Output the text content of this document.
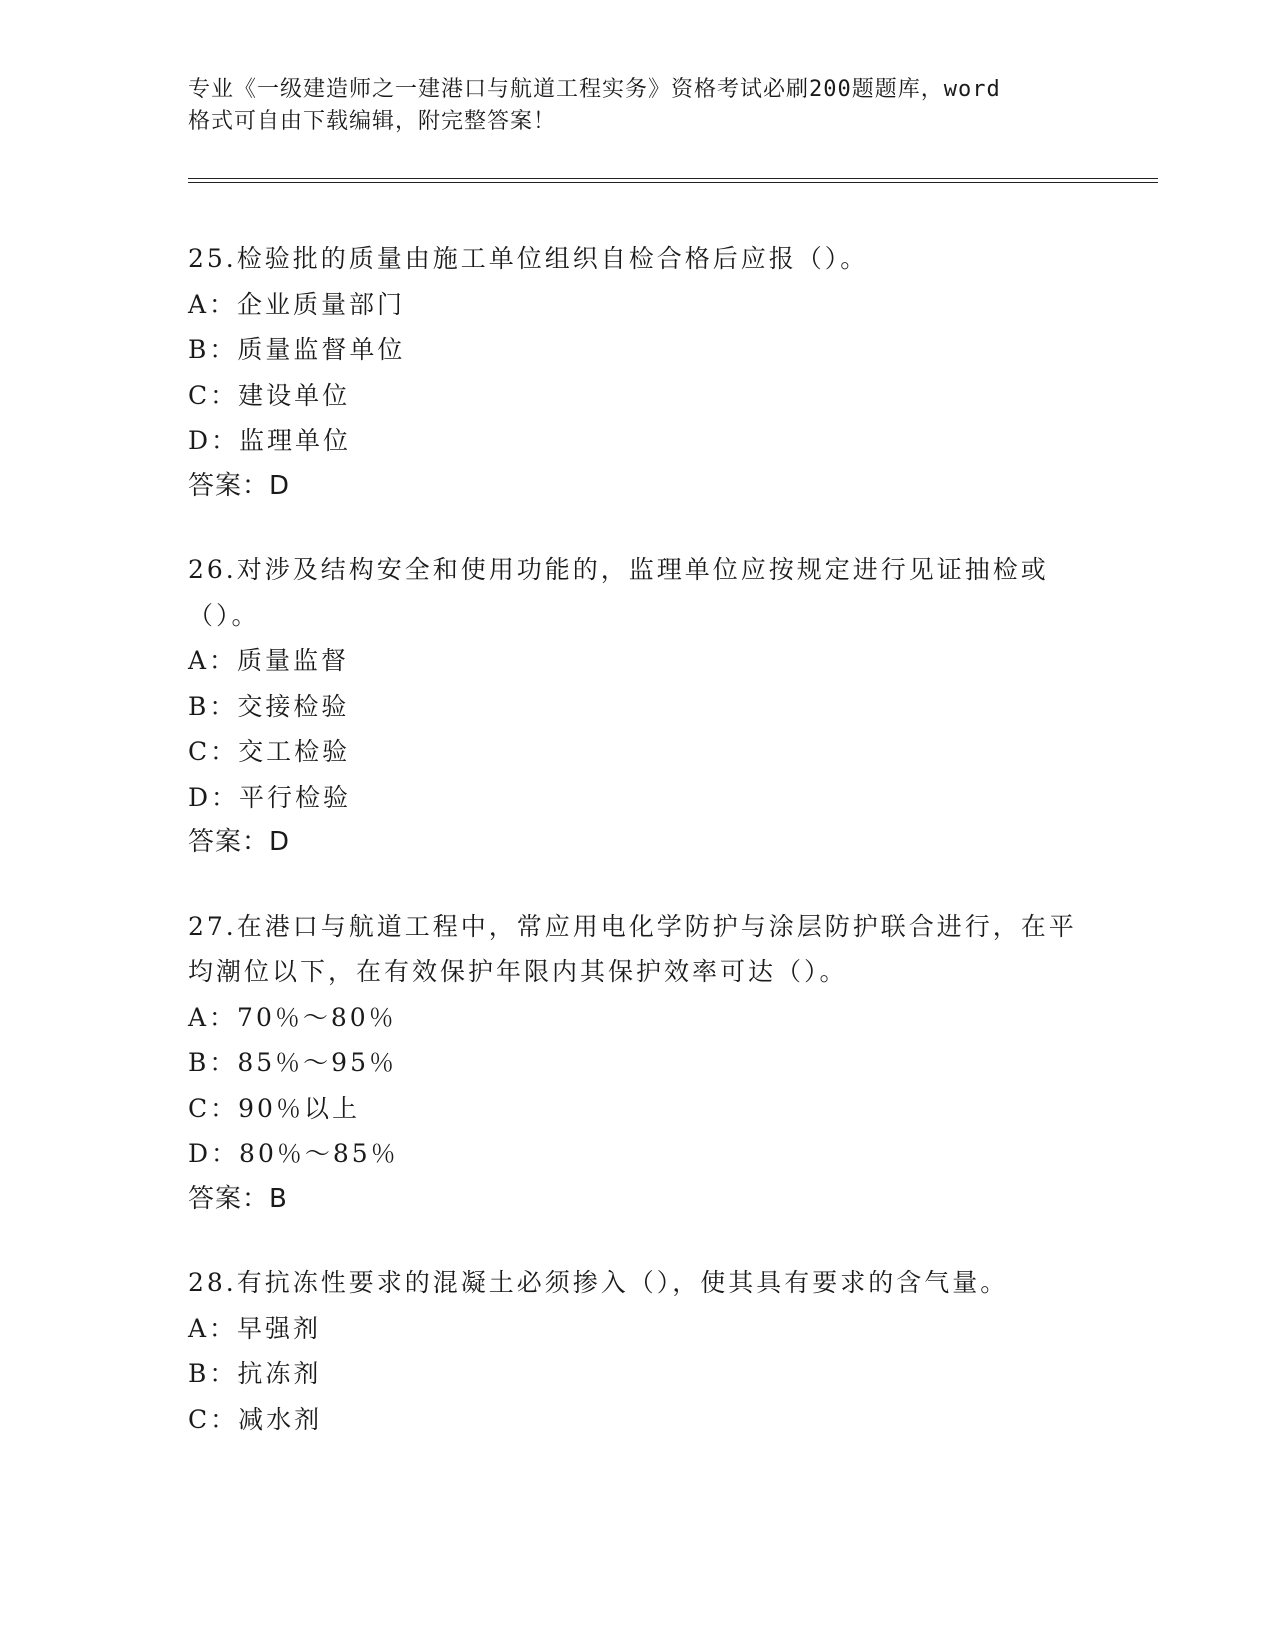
专业《一级建造师之一建港口与航道工程实务》资格考试必刷200题题库，word
格式可自由下载编辑，附完整答案！
25.检验批的质量由施工单位组织自检合格后应报（）。
A：企业质量部门
B：质量监督单位
C：建设单位
D：监理单位
答案：D
26.对涉及结构安全和使用功能的，监理单位应按规定进行见证抽检或（）。
A：质量监督
B：交接检验
C：交工检验
D：平行检验
答案：D
27.在港口与航道工程中，常应用电化学防护与涂层防护联合进行，在平均潮位以下，在有效保护年限内其保护效率可达（）。
A：70％～80％
B：85％～95％
C：90％以上
D：80％～85％
答案：B
28.有抗冻性要求的混凝土必须掺入（），使其具有要求的含气量。
A：早强剂
B：抗冻剂
C：减水剂
